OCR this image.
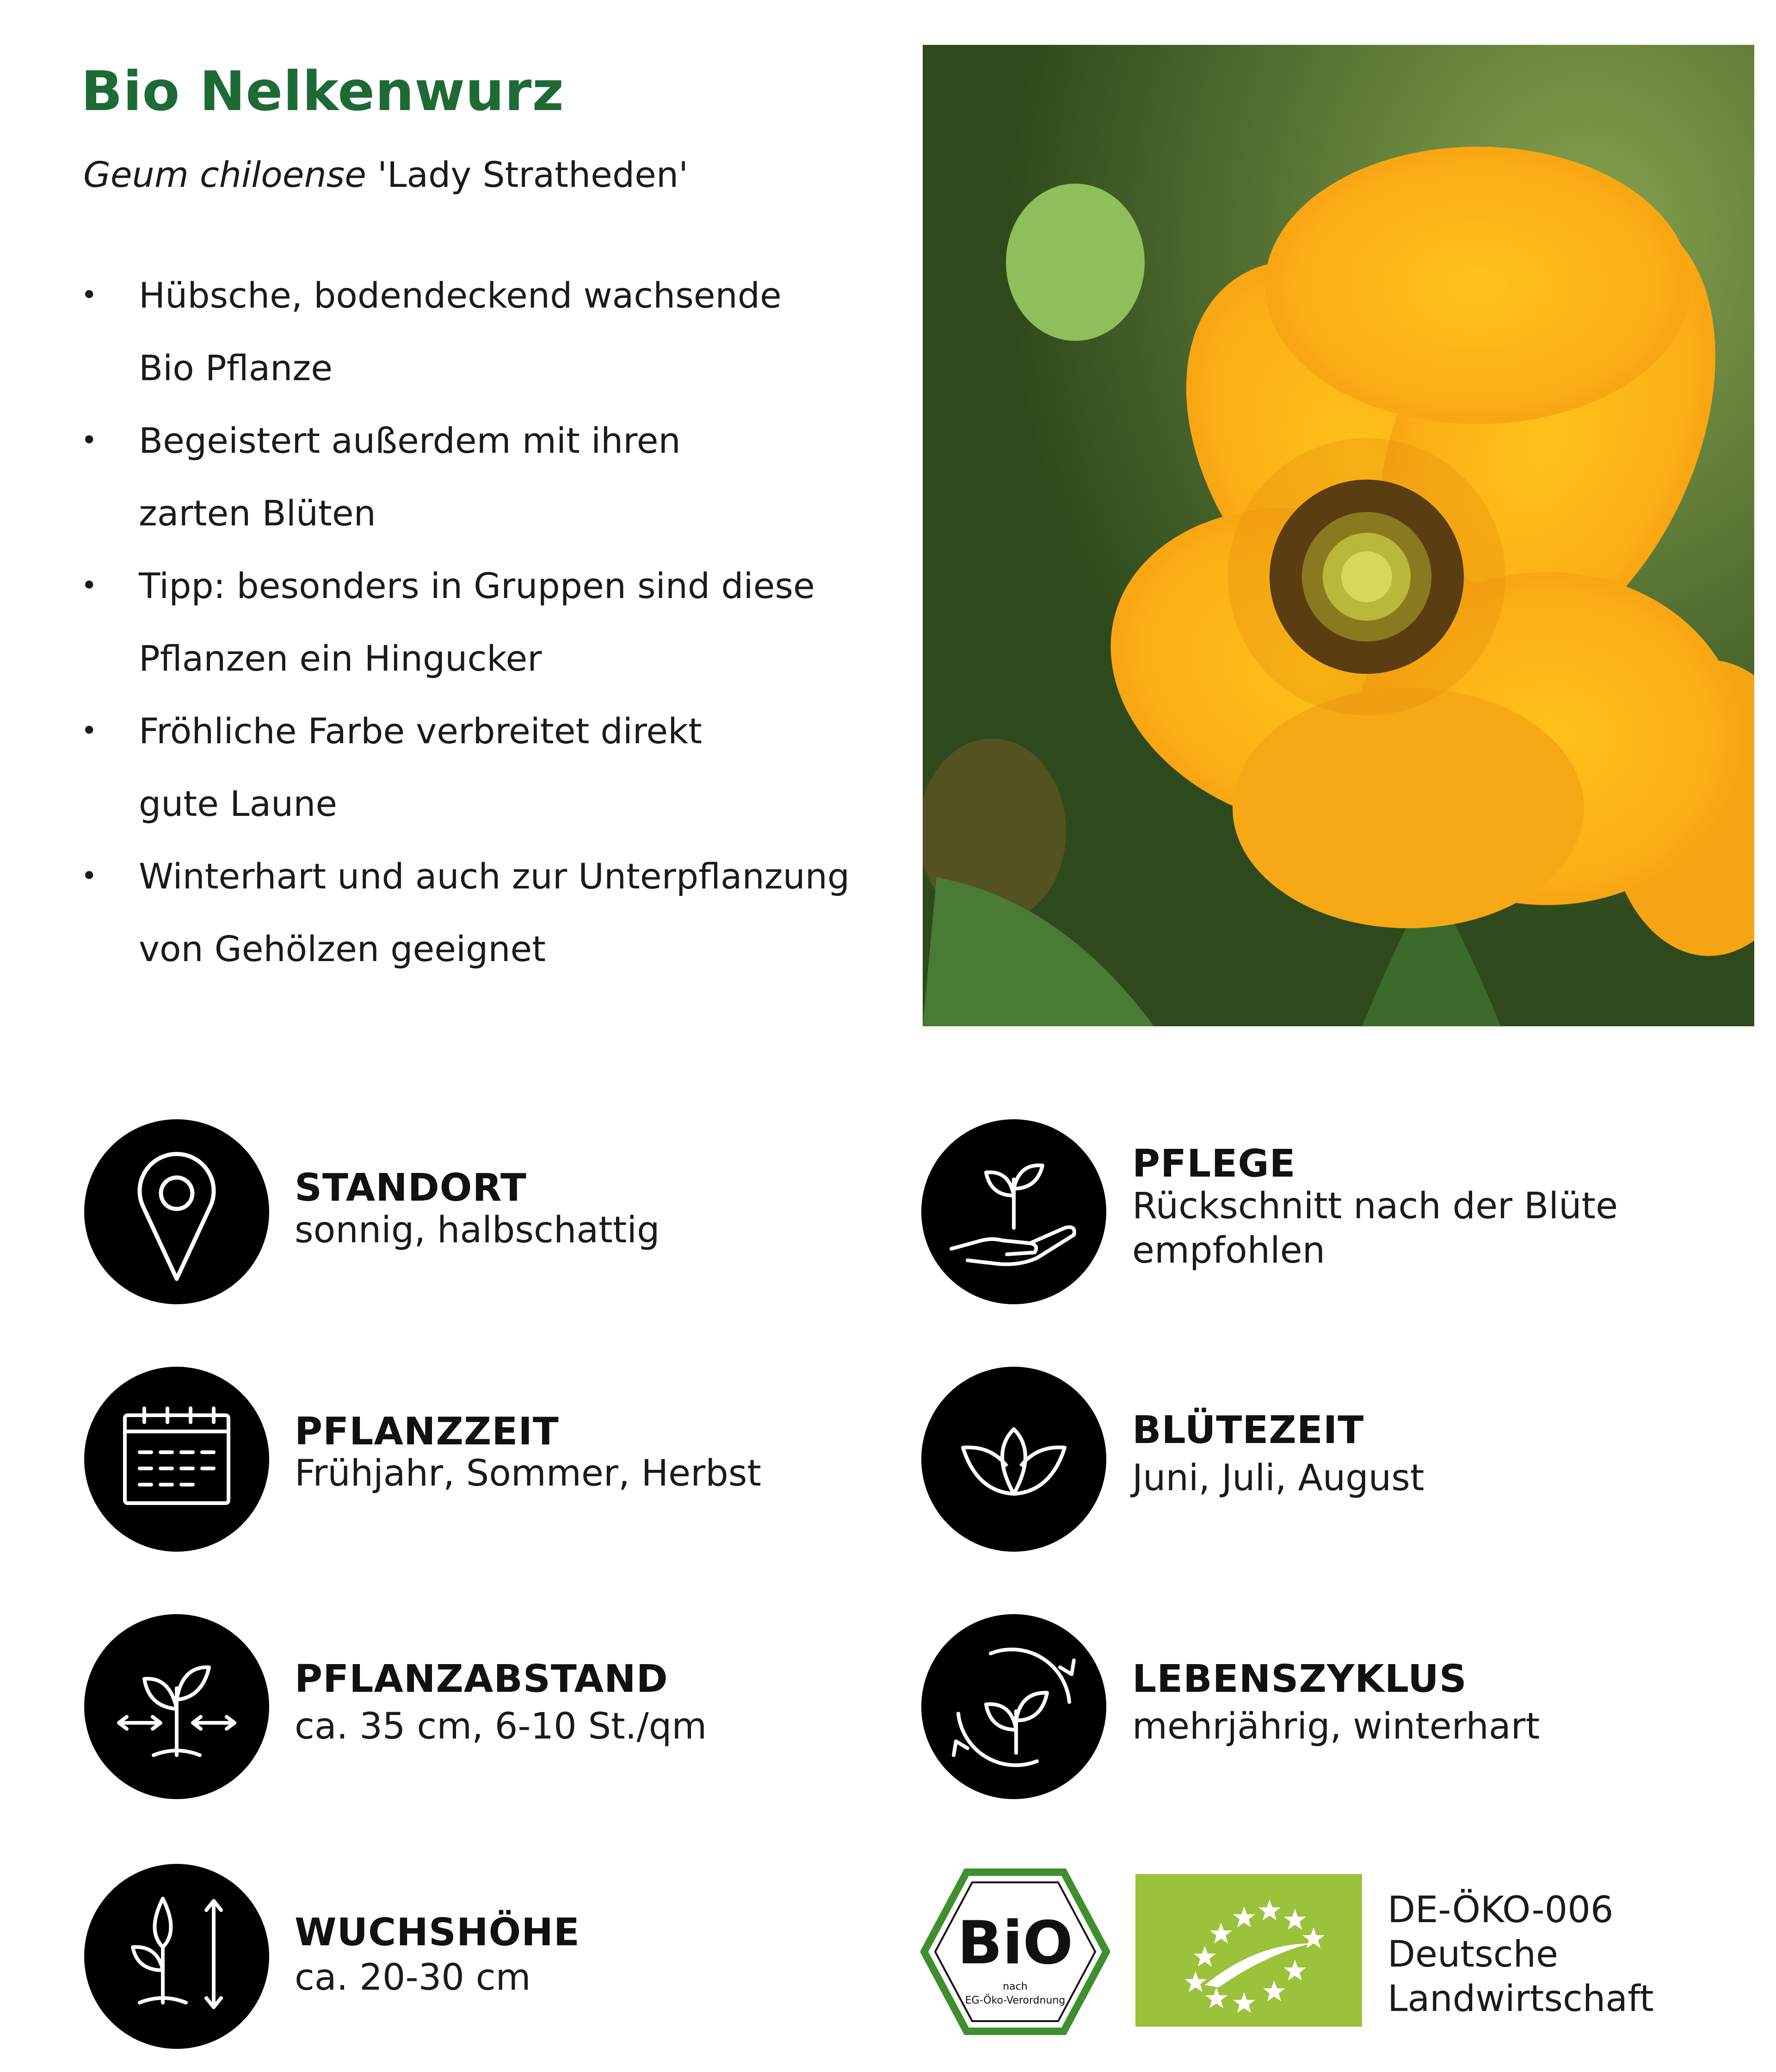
Bio Nelkenwurz
Geum chiloense 'Lady Stratheden'
• Hübsche, bodendeckend wachsende
Bio Pflanze
• Begeistert außerdem mit ihren
zarten Blüten
• Tipp: besonders in Gruppen sind diese
Pflanzen ein Hingucker
• Fröhliche Farbe verbreitet direkt
gute Laune
• Winterhart und auch zur Unterpflanzung
von Gehölzen geeignet
STANDORT
sonnig, halbschattig
PFLEGE
Rückschnitt nach der Blüte
empfohlen
PFLANZZEIT
Frühjahr, Sommer, Herbst
BLÜTEZEIT
Juni, Juli, August
PFLANZABSTAND
ca. 35 cm, 6-10 St./qm
LEBENSZYKLUS
mehrjährig, winterhart
WUCHSHÖHE
ca. 20-30 cm	BiO
nach
EG-Öko-Verordnung
DE-ÖKO-006
Deutsche
Landwirtschaft
